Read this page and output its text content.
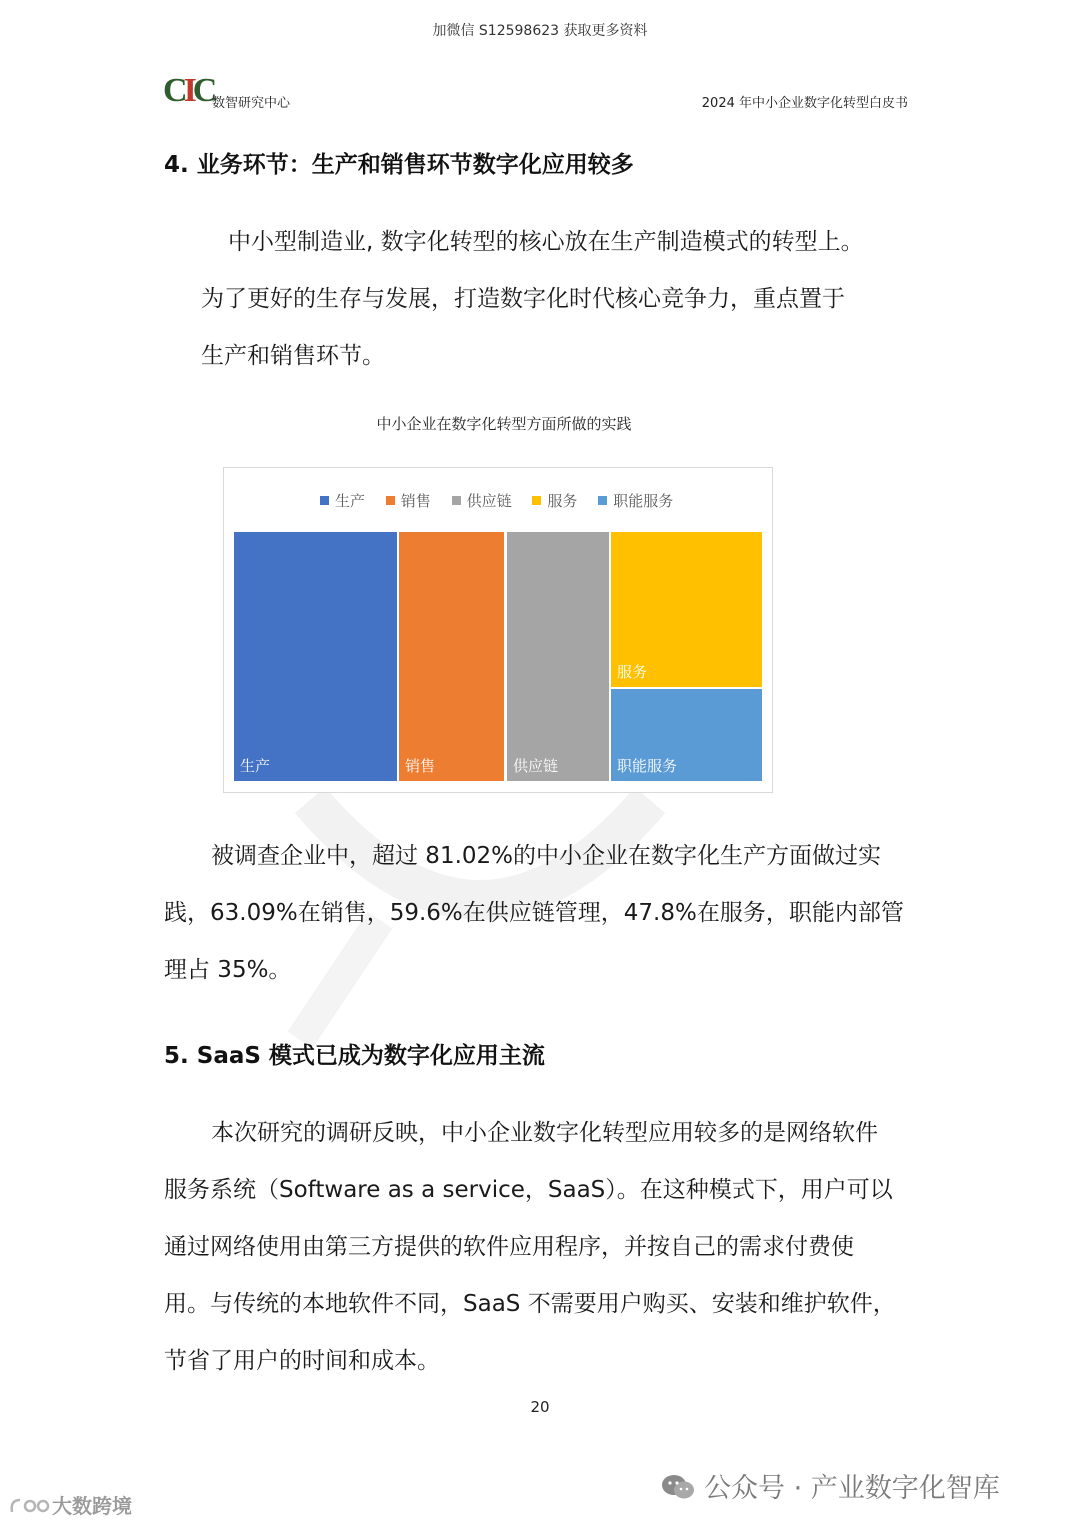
加微信 S12598623 获取更多资料
CIC
数智研究中心	2024 年中小企业数字化转型白皮书
4. 业务环节：生产和销售环节数字化应用较多
中小型制造业, 数字化转型的核心放在生产制造模式的转型上。
为了更好的生存与发展，打造数字化时代核心竞争力，重点置于
生产和销售环节。
中小企业在数字化转型方面所做的实践
生产 销售 供应链 服务 职能服务
生产	销售	供应链
服务
职能服务
被调查企业中，超过 81.02%的中小企业在数字化生产方面做过实
践，63.09%在销售，59.6%在供应链管理，47.8%在服务，职能内部管
理占 35%。
5. SaaS 模式已成为数字化应用主流
本次研究的调研反映，中小企业数字化转型应用较多的是网络软件
服务系统（Software as a service，SaaS）。在这种模式下，用户可以
通过网络使用由第三方提供的软件应用程序，并按自己的需求付费使
用。与传统的本地软件不同，SaaS 不需要用户购买、安装和维护软件，
节省了用户的时间和成本。
20
公众号 · 产业数字化智库
大数跨境
